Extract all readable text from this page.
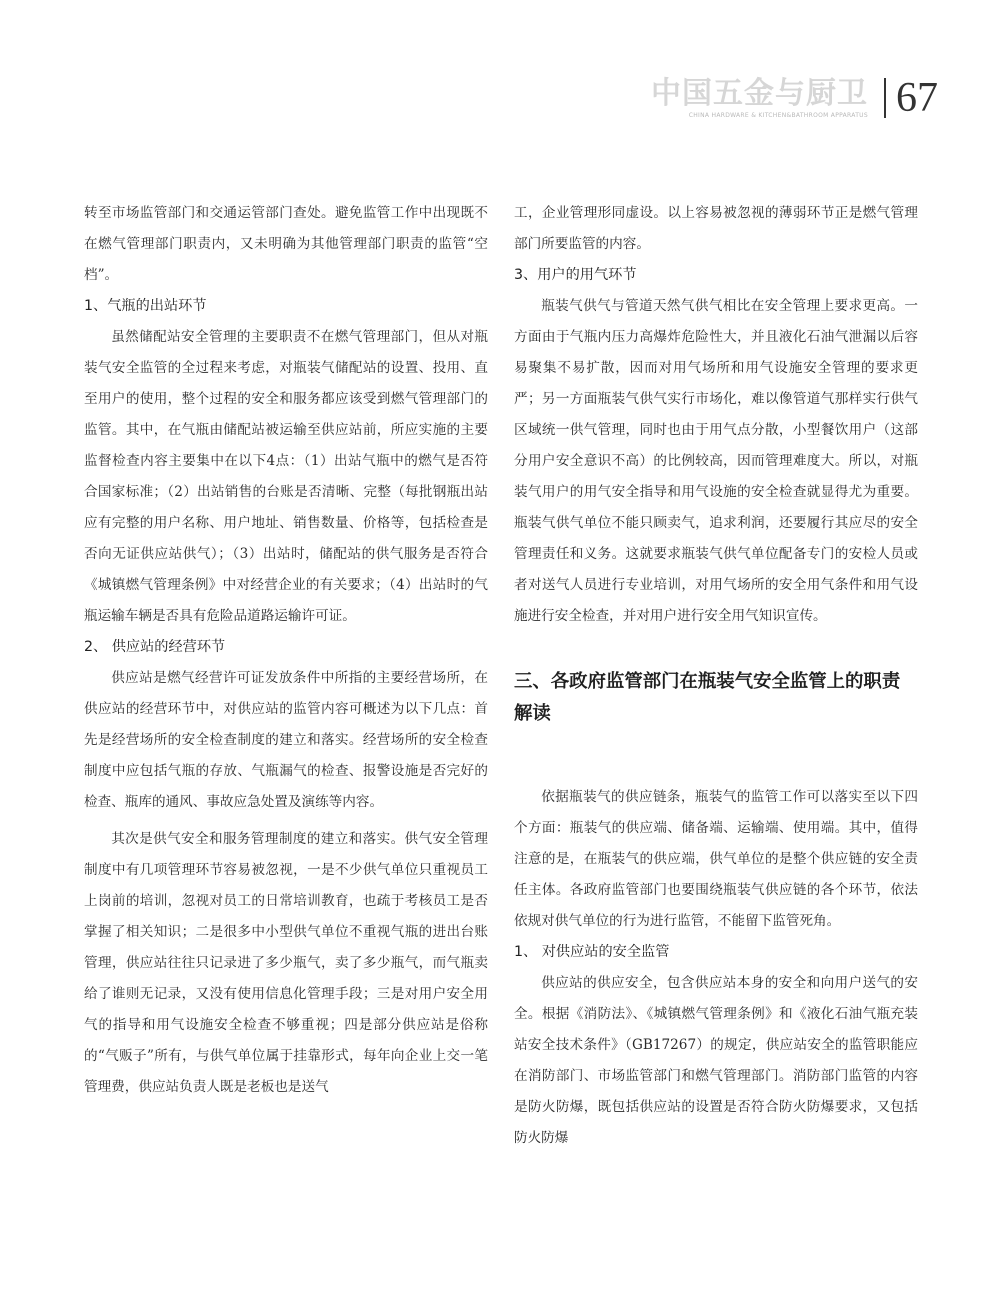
中国五金与厨卫
CHINA HARDWARE & KITCHEN&BATHROOM APPARATUS 67

转至市场监管部门和交通运管部门查处。避免监管工作中出现既不在燃气管理部门职责内，又未明确为其他管理部门职责的监管“空档”。

1、气瓶的出站环节

虽然储配站安全管理的主要职责不在燃气管理部门，但从对瓶装气安全监管的全过程来考虑，对瓶装气储配站的设置、投用、直至用户的使用，整个过程的安全和服务都应该受到燃气管理部门的监管。其中，在气瓶由储配站被运输至供应站前，所应实施的主要监督检查内容主要集中在以下4点：（1）出站气瓶中的燃气是否符合国家标准；（2）出站销售的台账是否清晰、完整（每批钢瓶出站应有完整的用户名称、用户地址、销售数量、价格等，包括检查是否向无证供应站供气）；（3）出站时，储配站的供气服务是否符合《城镇燃气管理条例》中对经营企业的有关要求；（4）出站时的气瓶运输车辆是否具有危险品道路运输许可证。

2、 供应站的经营环节

供应站是燃气经营许可证发放条件中所指的主要经营场所，在供应站的经营环节中，对供应站的监管内容可概述为以下几点：首先是经营场所的安全检查制度的建立和落实。经营场所的安全检查制度中应包括气瓶的存放、气瓶漏气的检查、报警设施是否完好的检查、瓶库的通风、事故应急处置及演练等内容。

其次是供气安全和服务管理制度的建立和落实。供气安全管理制度中有几项管理环节容易被忽视，一是不少供气单位只重视员工上岗前的培训，忽视对员工的日常培训教育，也疏于考核员工是否掌握了相关知识；二是很多中小型供气单位不重视气瓶的进出台账管理，供应站往往只记录进了多少瓶气，卖了多少瓶气，而气瓶卖给了谁则无记录，又没有使用信息化管理手段；三是对用户安全用气的指导和用气设施安全检查不够重视；四是部分供应站是俗称的“气贩子”所有，与供气单位属于挂靠形式，每年向企业上交一笔管理费，供应站负责人既是老板也是送气

工，企业管理形同虚设。以上容易被忽视的薄弱环节正是燃气管理部门所要监管的内容。

3、用户的用气环节

瓶装气供气与管道天然气供气相比在安全管理上要求更高。一方面由于气瓶内压力高爆炸危险性大，并且液化石油气泄漏以后容易聚集不易扩散，因而对用气场所和用气设施安全管理的要求更严；另一方面瓶装气供气实行市场化，难以像管道气那样实行供气区域统一供气管理，同时也由于用气点分散，小型餐饮用户（这部分用户安全意识不高）的比例较高，因而管理难度大。所以，对瓶装气用户的用气安全指导和用气设施的安全检查就显得尤为重要。瓶装气供气单位不能只顾卖气，追求利润，还要履行其应尽的安全管理责任和义务。这就要求瓶装气供气单位配备专门的安检人员或者对送气人员进行专业培训，对用气场所的安全用气条件和用气设施进行安全检查，并对用户进行安全用气知识宣传。

三、各政府监管部门在瓶装气安全监管上的职责解读

依据瓶装气的供应链条，瓶装气的监管工作可以落实至以下四个方面：瓶装气的供应端、储备端、运输端、使用端。其中，值得注意的是，在瓶装气的供应端，供气单位的是整个供应链的安全责任主体。各政府监管部门也要围绕瓶装气供应链的各个环节，依法依规对供气单位的行为进行监管，不能留下监管死角。

1、 对供应站的安全监管

供应站的供应安全，包含供应站本身的安全和向用户送气的安全。根据《消防法》、《城镇燃气管理条例》和《液化石油气瓶充装站安全技术条件》（GB17267）的规定，供应站安全的监管职能应在消防部门、市场监管部门和燃气管理部门。消防部门监管的内容是防火防爆，既包括供应站的设置是否符合防火防爆要求，又包括防火防爆
